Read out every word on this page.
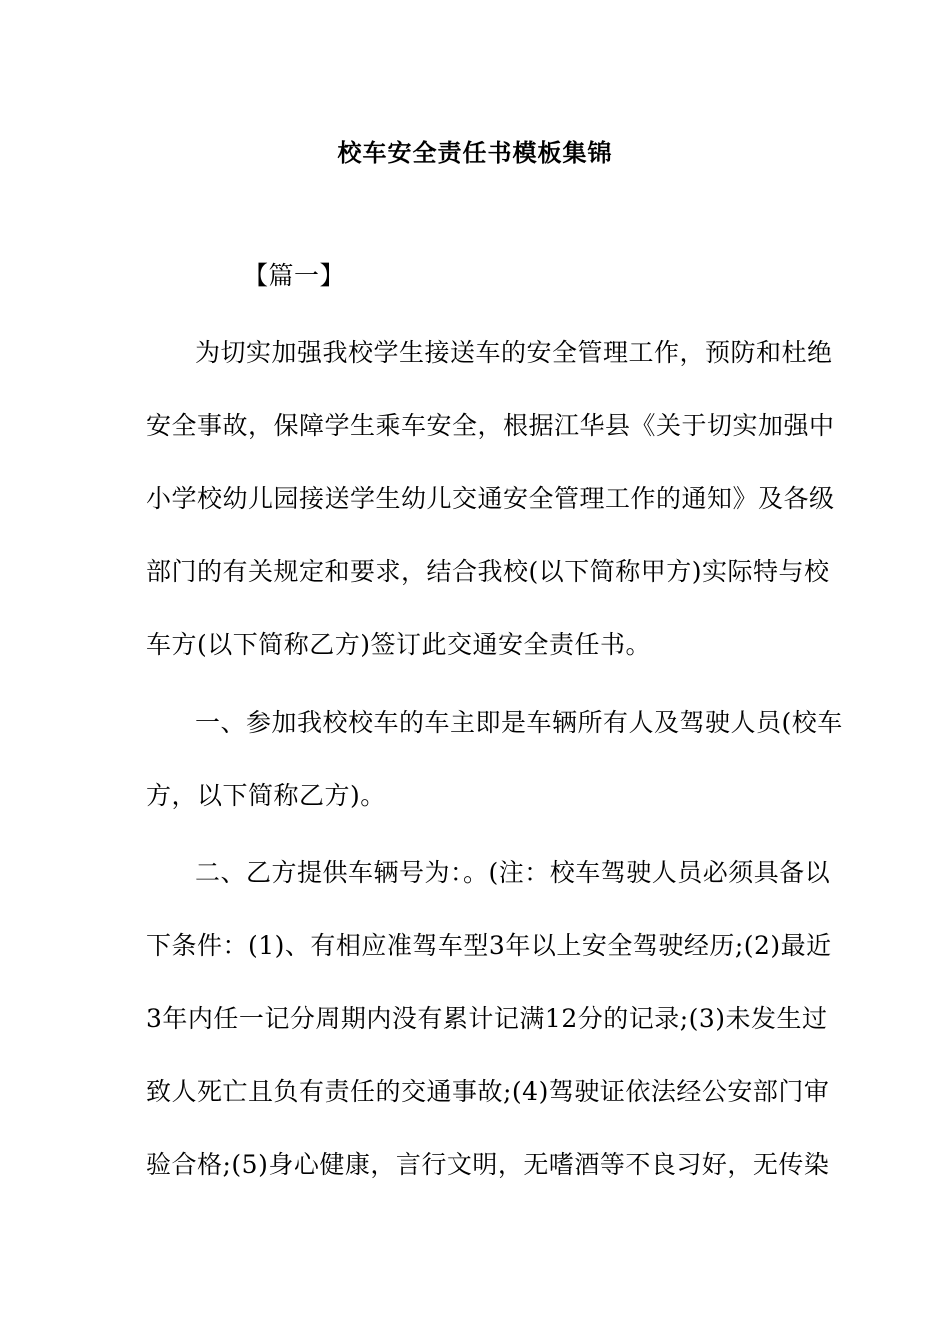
校车安全责任书模板集锦
【篇一】
为切实加强我校学生接送车的安全管理工作，预防和杜绝
安全事故，保障学生乘车安全，根据江华县《关于切实加强中
小学校幼儿园接送学生幼儿交通安全管理工作的通知》及各级
部门的有关规定和要求，结合我校(以下简称甲方)实际特与校
车方(以下简称乙方)签订此交通安全责任书。
一、参加我校校车的车主即是车辆所有人及驾驶人员(校车
方，以下简称乙方)。
二、乙方提供车辆号为：。(注：校车驾驶人员必须具备以
下条件：(1)、有相应准驾车型3年以上安全驾驶经历;(2)最近
3年内任一记分周期内没有累计记满12分的记录;(3)未发生过
致人死亡且负有责任的交通事故;(4)驾驶证依法经公安部门审
验合格;(5)身心健康，言行文明，无嗜酒等不良习好，无传染
